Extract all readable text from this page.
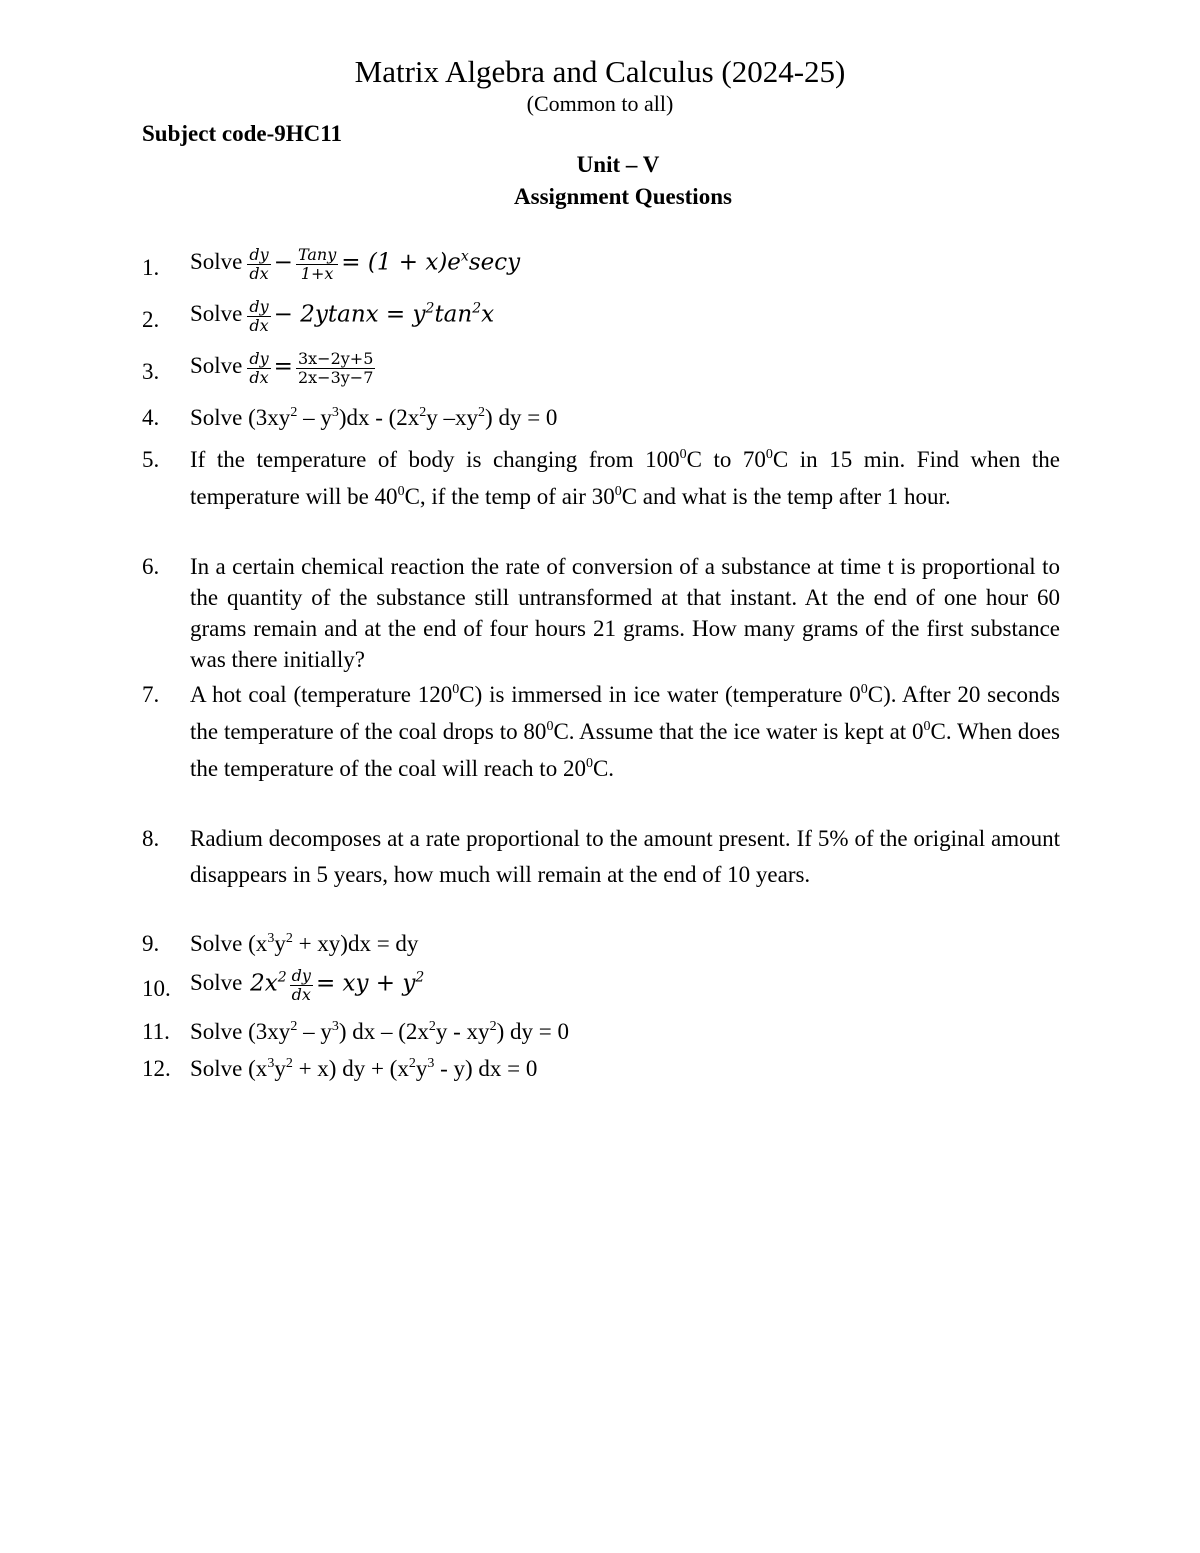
Matrix Algebra and Calculus (2024-25)
(Common to all)
Subject code-9HC11
Unit – V
Assignment Questions
1. Solve $\frac{dy}{dx} - \frac{\text{Tany}}{1+x} = (1 + x)e^x\sec y$
2. Solve $\frac{dy}{dx} - 2ytanx = y^2\tan^2x$
3. Solve $\frac{dy}{dx} = \frac{3x-2y+5}{2x-3y-7}$
4. Solve $(3xy^2 - y^3)dx - (2x^2y$ $-xy^2$) dy = 0
5. If the temperature of body is changing from $100^0C$ to $70^0C$ in 15 min. Find when the temperature will be $40^0C$, if the temp of air $30^0C$ and what is the temp after 1 hour.
6. In a certain chemical reaction the rate of conversion of a substance at time t is proportional to the quantity of the substance still untransformed at that instant. At the end of one hour 60 grams remain and at the end of four hours 21 grams. How many grams of the first substance was there initially?
7. A hot coal (temperature $120^0C$) is immersed in ice water (temperature $0^0C$). After 20 seconds the temperature of the coal drops to $80^0C$. Assume that the ice water is kept at $0^0C$. When does the temperature of the coal will reach to $20^0C$.
8. Radium decomposes at a rate proportional to the amount present. If 5% of the original amount disappears in 5 years, how much will remain at the end of 10 years.
9. Solve $(x^3y^2 + xy)dx$ = dy
10. Solve $2x^2 \frac{dy}{dx}$ = xy + $y^2$
11. Solve $(3xy^2 - y^3)$ dx – $(2x^2y - xy^2)$ dy = 0
12. Solve $(x^3y^2 + x)$ dy + $(x^2y^3 - y)$ dx = 0
